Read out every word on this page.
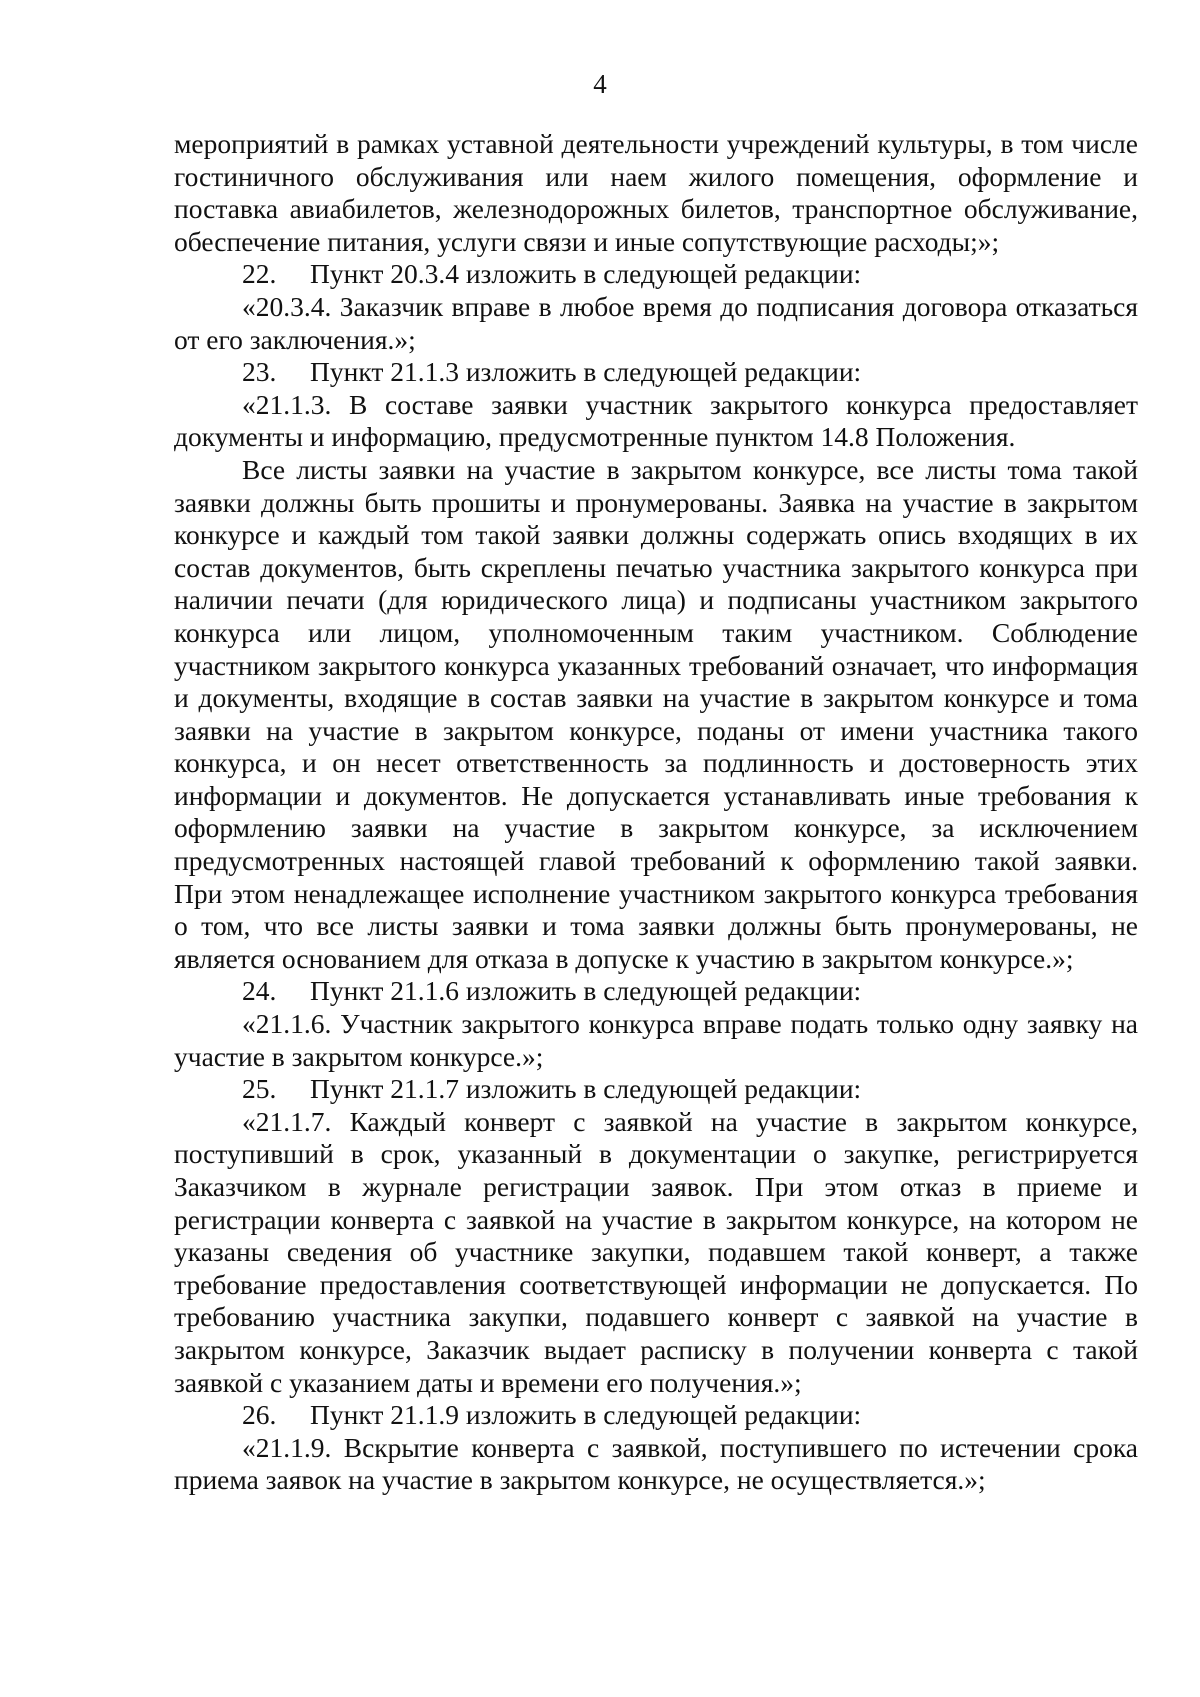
4

мероприятий в рамках уставной деятельности учреждений культуры, в том числе гостиничного обслуживания или наем жилого помещения, оформление и поставка авиабилетов, железнодорожных билетов, транспортное обслуживание, обеспечение питания, услуги связи и иные сопутствующие расходы;»;

22. Пункт 20.3.4 изложить в следующей редакции:

«20.3.4. Заказчик вправе в любое время до подписания договора отказаться от его заключения.»;

23. Пункт 21.1.3 изложить в следующей редакции:

«21.1.3. В составе заявки участник закрытого конкурса предоставляет документы и информацию, предусмотренные пунктом 14.8 Положения.

Все листы заявки на участие в закрытом конкурсе, все листы тома такой заявки должны быть прошиты и пронумерованы. Заявка на участие в закрытом конкурсе и каждый том такой заявки должны содержать опись входящих в их состав документов, быть скреплены печатью участника закрытого конкурса при наличии печати (для юридического лица) и подписаны участником закрытого конкурса или лицом, уполномоченным таким участником. Соблюдение участником закрытого конкурса указанных требований означает, что информация и документы, входящие в состав заявки на участие в закрытом конкурсе и тома заявки на участие в закрытом конкурсе, поданы от имени участника такого конкурса, и он несет ответственность за подлинность и достоверность этих информации и документов. Не допускается устанавливать иные требования к оформлению заявки на участие в закрытом конкурсе, за исключением предусмотренных настоящей главой требований к оформлению такой заявки. При этом ненадлежащее исполнение участником закрытого конкурса требования о том, что все листы заявки и тома заявки должны быть пронумерованы, не является основанием для отказа в допуске к участию в закрытом конкурсе.»;

24. Пункт 21.1.6 изложить в следующей редакции:

«21.1.6. Участник закрытого конкурса вправе подать только одну заявку на участие в закрытом конкурсе.»;

25. Пункт 21.1.7 изложить в следующей редакции:

«21.1.7. Каждый конверт с заявкой на участие в закрытом конкурсе, поступивший в срок, указанный в документации о закупке, регистрируется Заказчиком в журнале регистрации заявок. При этом отказ в приеме и регистрации конверта с заявкой на участие в закрытом конкурсе, на котором не указаны сведения об участнике закупки, подавшем такой конверт, а также требование предоставления соответствующей информации не допускается. По требованию участника закупки, подавшего конверт с заявкой на участие в закрытом конкурсе, Заказчик выдает расписку в получении конверта с такой заявкой с указанием даты и времени его получения.»;

26. Пункт 21.1.9 изложить в следующей редакции:

«21.1.9. Вскрытие конверта с заявкой, поступившего по истечении срока приема заявок на участие в закрытом конкурсе, не осуществляется.»;
